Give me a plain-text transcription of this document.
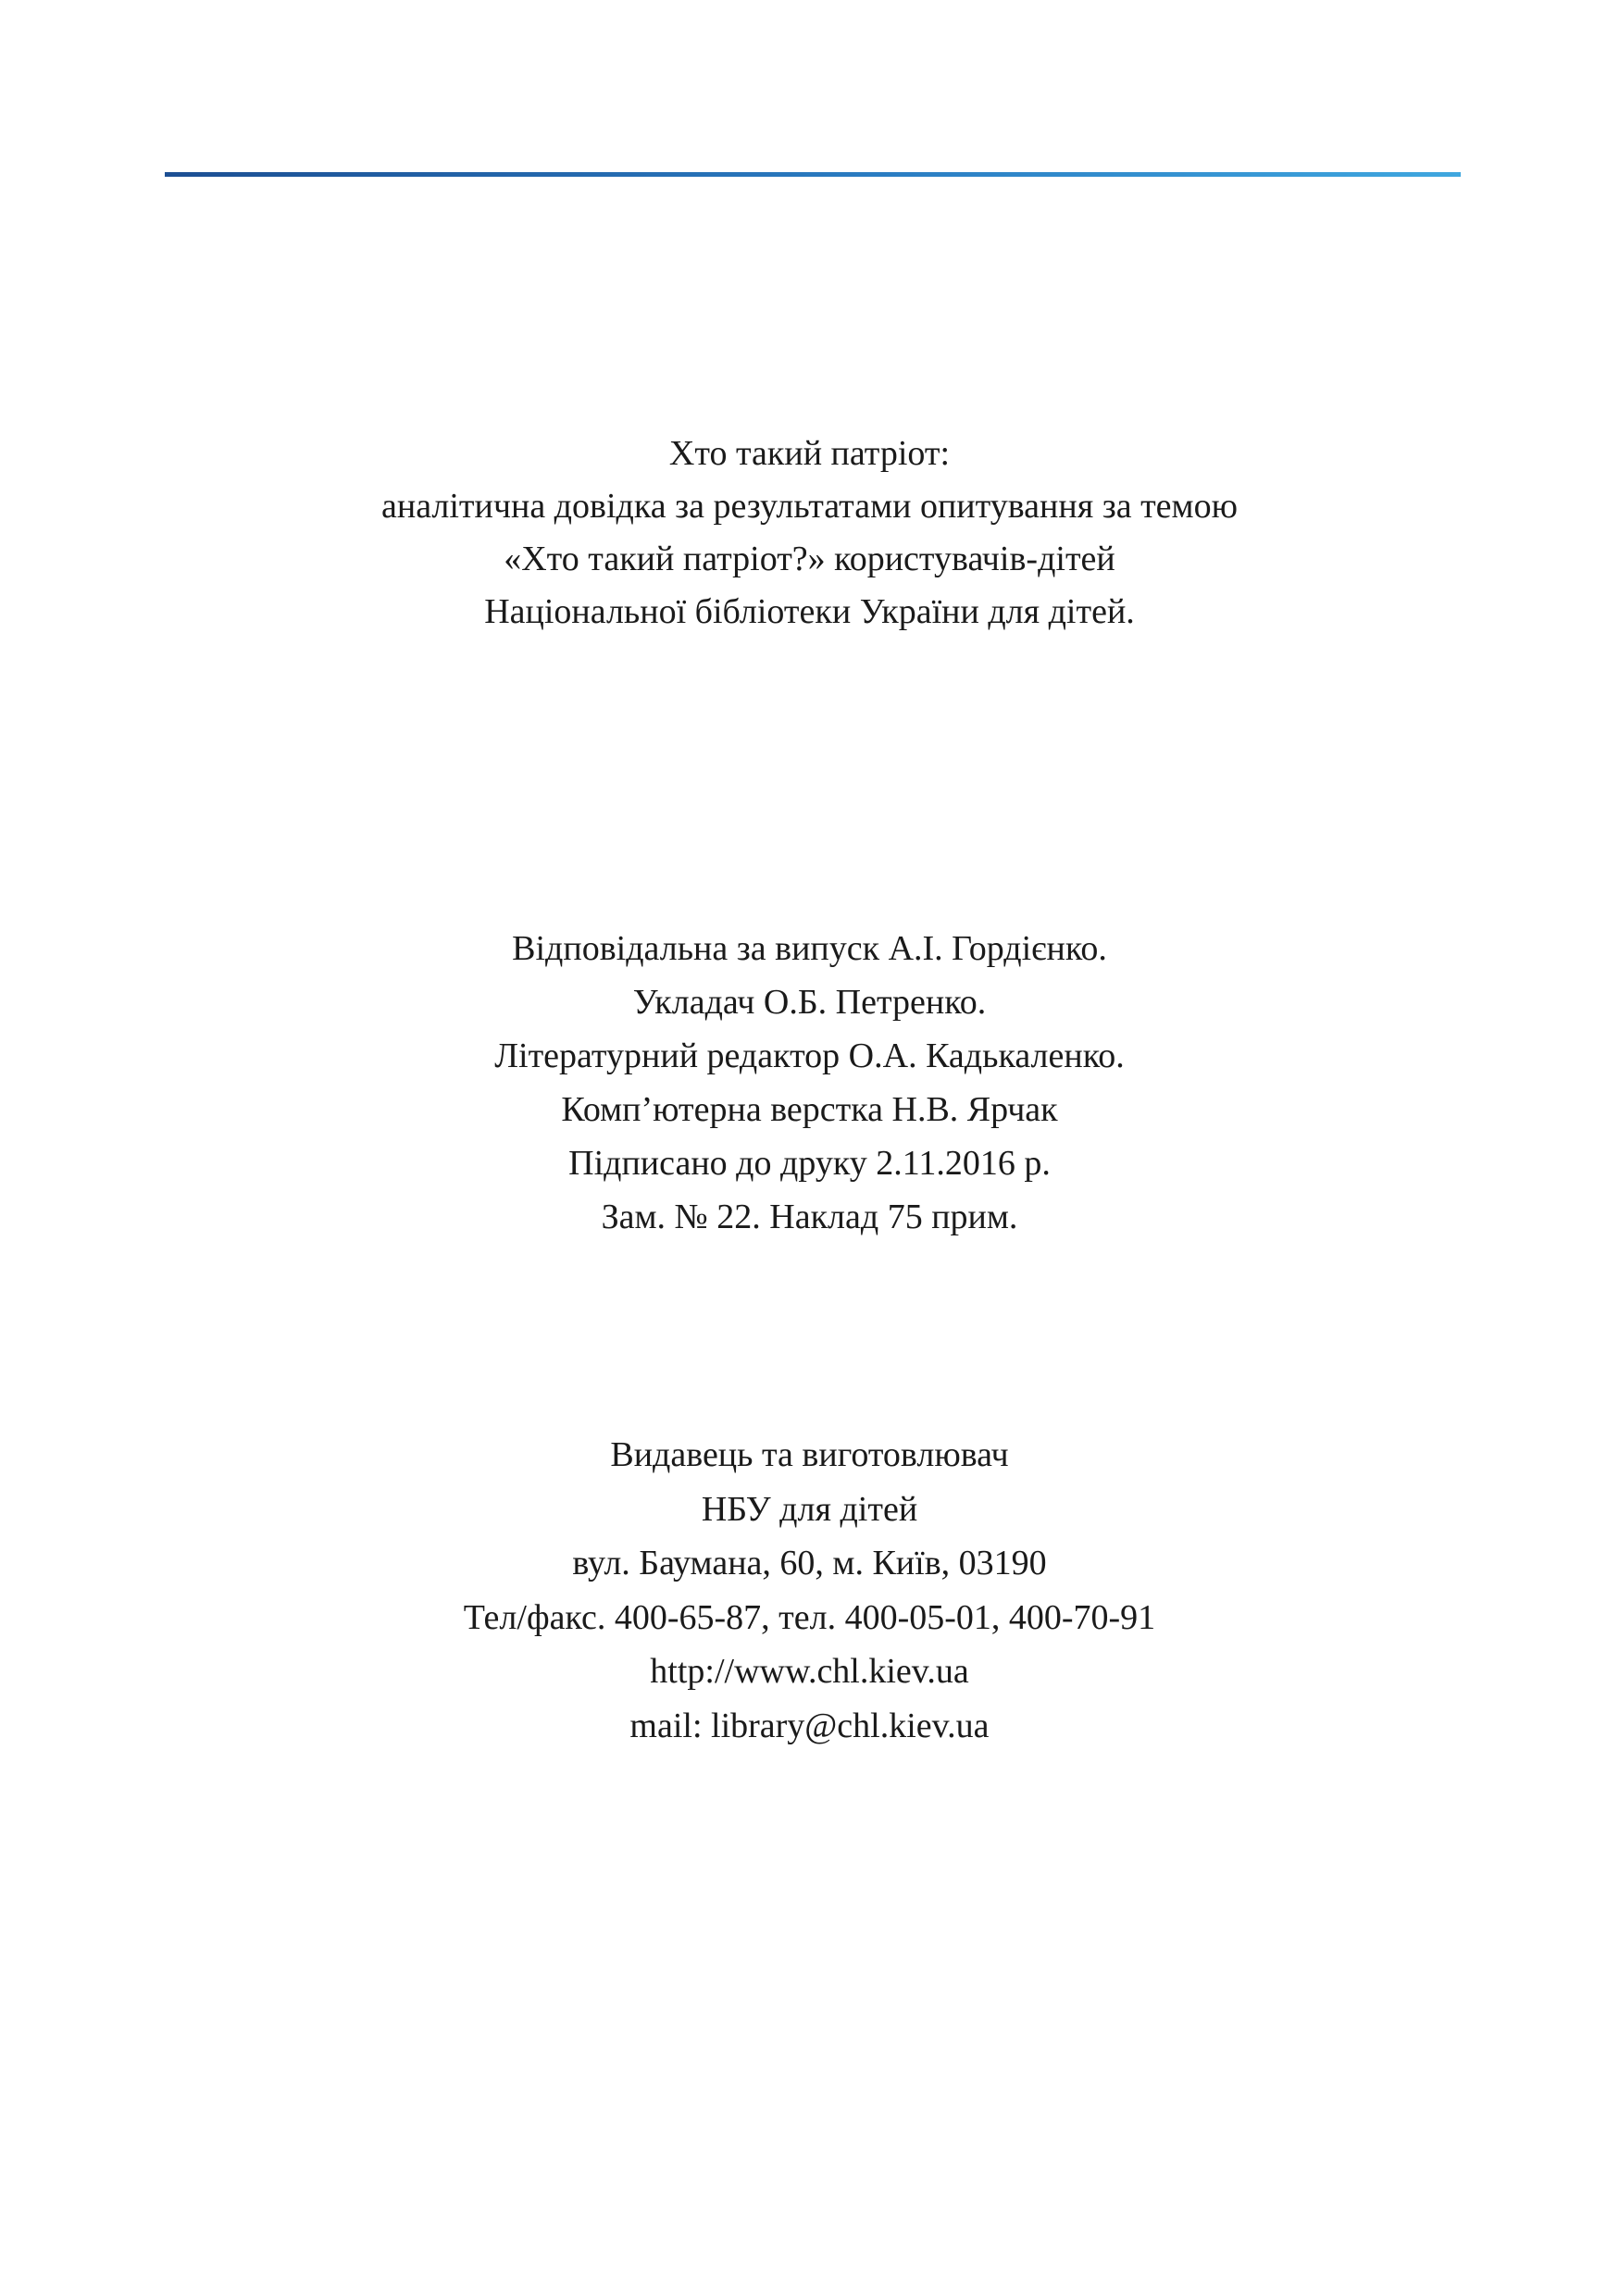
Хто такий патріот:
аналітична довідка за результатами опитування за темою
«Хто такий патріот?» користувачів-дітей
Національної бібліотеки України для дітей.
Відповідальна за випуск А.І. Гордієнко.
Укладач О.Б. Петренко.
Літературний редактор О.А. Кадькаленко.
Комп’ютерна верстка Н.В. Ярчак
Підписано до друку 2.11.2016 р.
Зам. № 22. Наклад 75 прим.
Видавець та виготовлювач
НБУ для дітей
вул. Баумана, 60, м. Київ, 03190
Тел/факс. 400-65-87, тел. 400-05-01, 400-70-91
http://www.chl.kiev.ua
mail: library@chl.kiev.ua
